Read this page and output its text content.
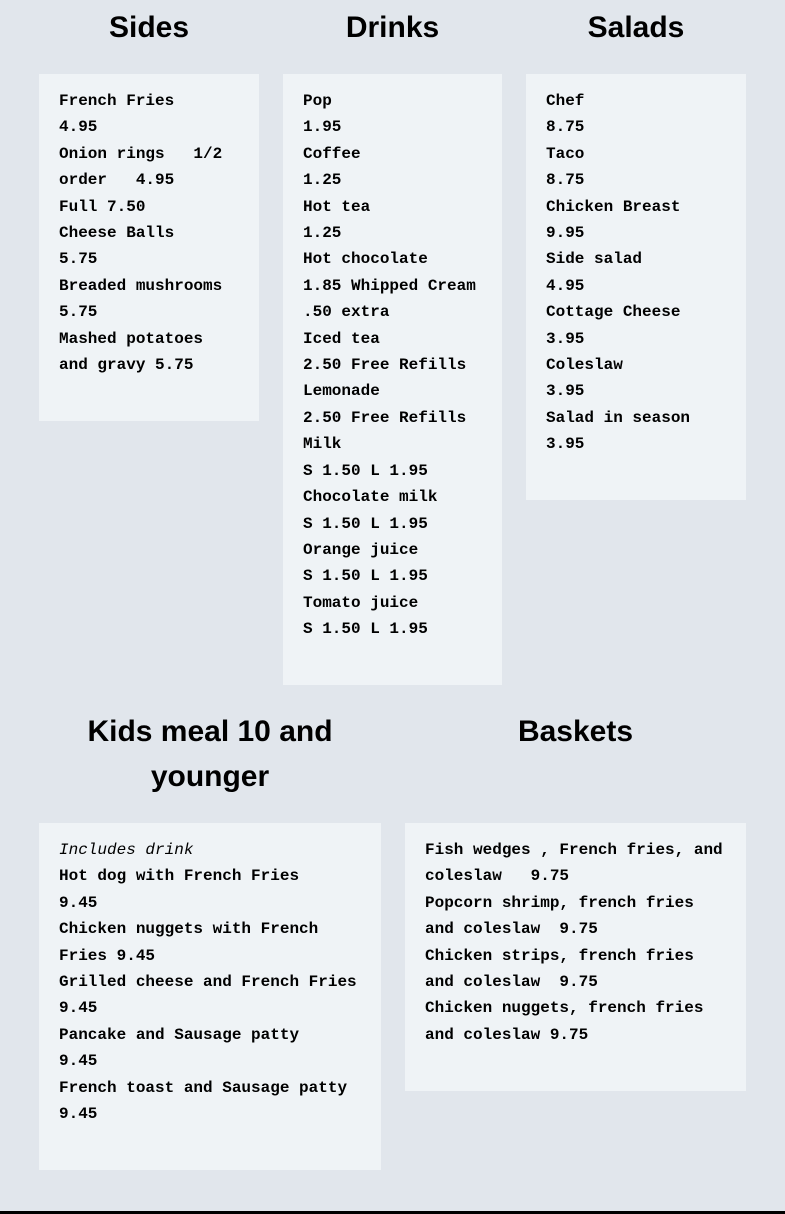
Sides	Drinks	Salads

French Fries

4.95

Onion rings   1/2

order   4.95

Full 7.50

Cheese Balls

5.75

Breaded mushrooms

5.75

Mashed potatoes

and gravy 5.75

Pop

1.95

Coffee

1.25

Hot tea

1.25

Hot chocolate

1.85 Whipped Cream

.50 extra

Iced tea

2.50 Free Refills

Lemonade

2.50 Free Refills

Milk

S 1.50 L 1.95

Chocolate milk

S 1.50 L 1.95

Orange juice

S 1.50 L 1.95

Tomato juice

S 1.50 L 1.95

Chef

8.75

Taco

8.75

Chicken Breast

9.95

Side salad

4.95

Cottage Cheese

3.95

Coleslaw

3.95

Salad in season

3.95

Kids meal 10 and
younger
Baskets

Includes drink

Hot dog with French Fries

9.45

Chicken nuggets with French

Fries 9.45

Grilled cheese and French Fries

9.45

Pancake and Sausage patty

9.45

French toast and Sausage patty

9.45

Fish wedges , French fries, and

coleslaw   9.75

Popcorn shrimp, french fries

and coleslaw  9.75

Chicken strips, french fries

and coleslaw  9.75

Chicken nuggets, french fries

and coleslaw 9.75
